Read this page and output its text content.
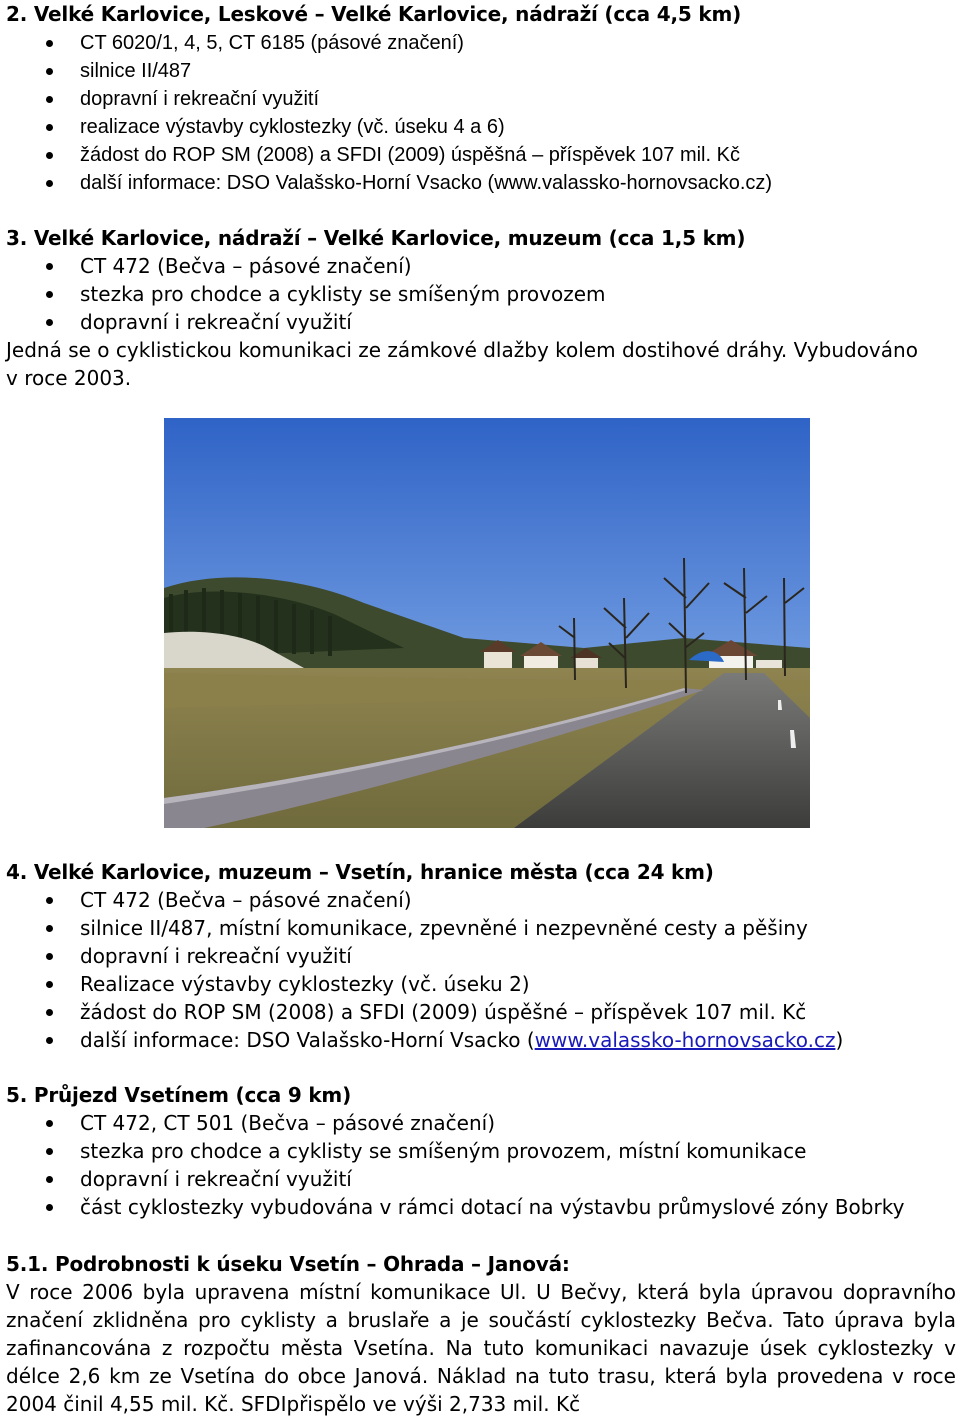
2. Velké Karlovice, Leskové – Velké Karlovice, nádraží (cca 4,5 km)
CT 6020/1, 4, 5, CT 6185 (pásové značení)
silnice II/487
dopravní i rekreační využití
realizace výstavby cyklostezky (vč. úseku 4 a 6)
žádost do ROP SM (2008) a SFDI (2009) úspěšná – příspěvek 107 mil. Kč
další informace: DSO Valašsko-Horní Vsacko (www.valassko-hornovsacko.cz)
3. Velké Karlovice, nádraží – Velké Karlovice, muzeum (cca 1,5 km)
CT 472 (Bečva – pásové značení)
stezka pro chodce a cyklisty se smíšeným provozem
dopravní i rekreační využití
Jedná se o cyklistickou komunikaci ze zámkové dlažby kolem dostihové dráhy. Vybudováno
v roce 2003.
4. Velké Karlovice, muzeum – Vsetín, hranice města (cca 24 km)
CT 472 (Bečva – pásové značení)
silnice II/487, místní komunikace, zpevněné i nezpevněné cesty a pěšiny
dopravní i rekreační využití
Realizace výstavby cyklostezky (vč. úseku 2)
žádost do ROP SM (2008) a SFDI (2009) úspěšné – příspěvek 107 mil. Kč
další informace: DSO Valašsko-Horní Vsacko (www.valassko-hornovsacko.cz)
5. Průjezd Vsetínem (cca 9 km)
CT 472, CT 501 (Bečva – pásové značení)
stezka pro chodce a cyklisty se smíšeným provozem, místní komunikace
dopravní i rekreační využití
část cyklostezky vybudována v rámci dotací na výstavbu průmyslové zóny Bobrky
5.1. Podrobnosti k úseku Vsetín – Ohrada – Janová:

V roce 2006 byla upravena místní komunikace Ul. U Bečvy, která byla úpravou dopravního značení zklidněna pro cyklisty a bruslaře a je součástí cyklostezky Bečva. Tato úprava byla zafinancována z rozpočtu města Vsetína. Na tuto komunikaci navazuje úsek cyklostezky v délce 2,6 km ze Vsetína do obce Janová. Náklad na tuto trasu, která byla provedena v roce 2004 činil 4,55 mil. Kč. SFDIpřispělo ve výši 2,733 mil. Kč
